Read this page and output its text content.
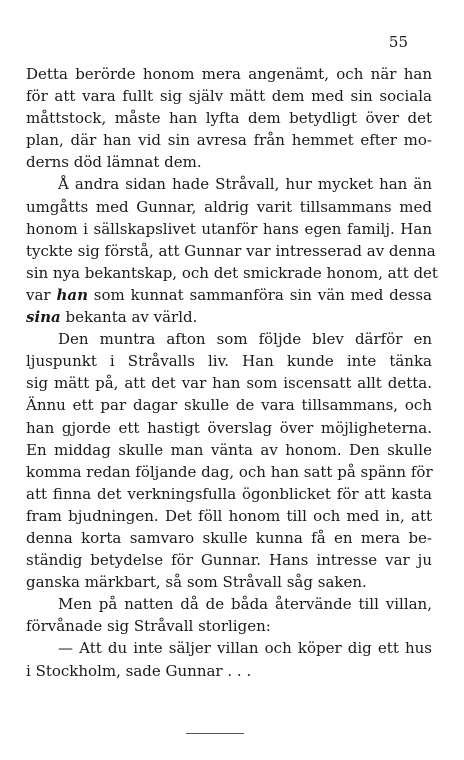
55
Detta berörde honom mera angenämt, och när han
för att vara fullt sig själv mätt dem med sin sociala
måttstock, måste han lyfta dem betydligt över det
plan, där han vid sin avresa från hemmet efter mo-
derns död lämnat dem.
Å andra sidan hade Stråvall, hur mycket han än
umgåtts med Gunnar, aldrig varit tillsammans med
honom i sällskapslivet utanför hans egen familj. Han
tyckte sig förstå, att Gunnar var intresserad av denna
sin nya bekantskap, och det smickrade honom, att det
var han som kunnat sammanföra sin vän med dessa
sina bekanta av värld.
Den muntra afton som följde blev därför en
ljuspunkt i Stråvalls liv. Han kunde inte tänka
sig mätt på, att det var han som iscensatt allt detta.
Ännu ett par dagar skulle de vara tillsammans, och
han gjorde ett hastigt överslag över möjligheterna.
En middag skulle man vänta av honom. Den skulle
komma redan följande dag, och han satt på spänn för
att finna det verkningsfulla ögonblicket för att kasta
fram bjudningen. Det föll honom till och med in, att
denna korta samvaro skulle kunna få en mera be-
ständig betydelse för Gunnar. Hans intresse var ju
ganska märkbart, så som Stråvall såg saken.
Men på natten då de båda återvände till villan,
förvånade sig Stråvall storligen:
— Att du inte säljer villan och köper dig ett hus
i Stockholm, sade Gunnar . . .
